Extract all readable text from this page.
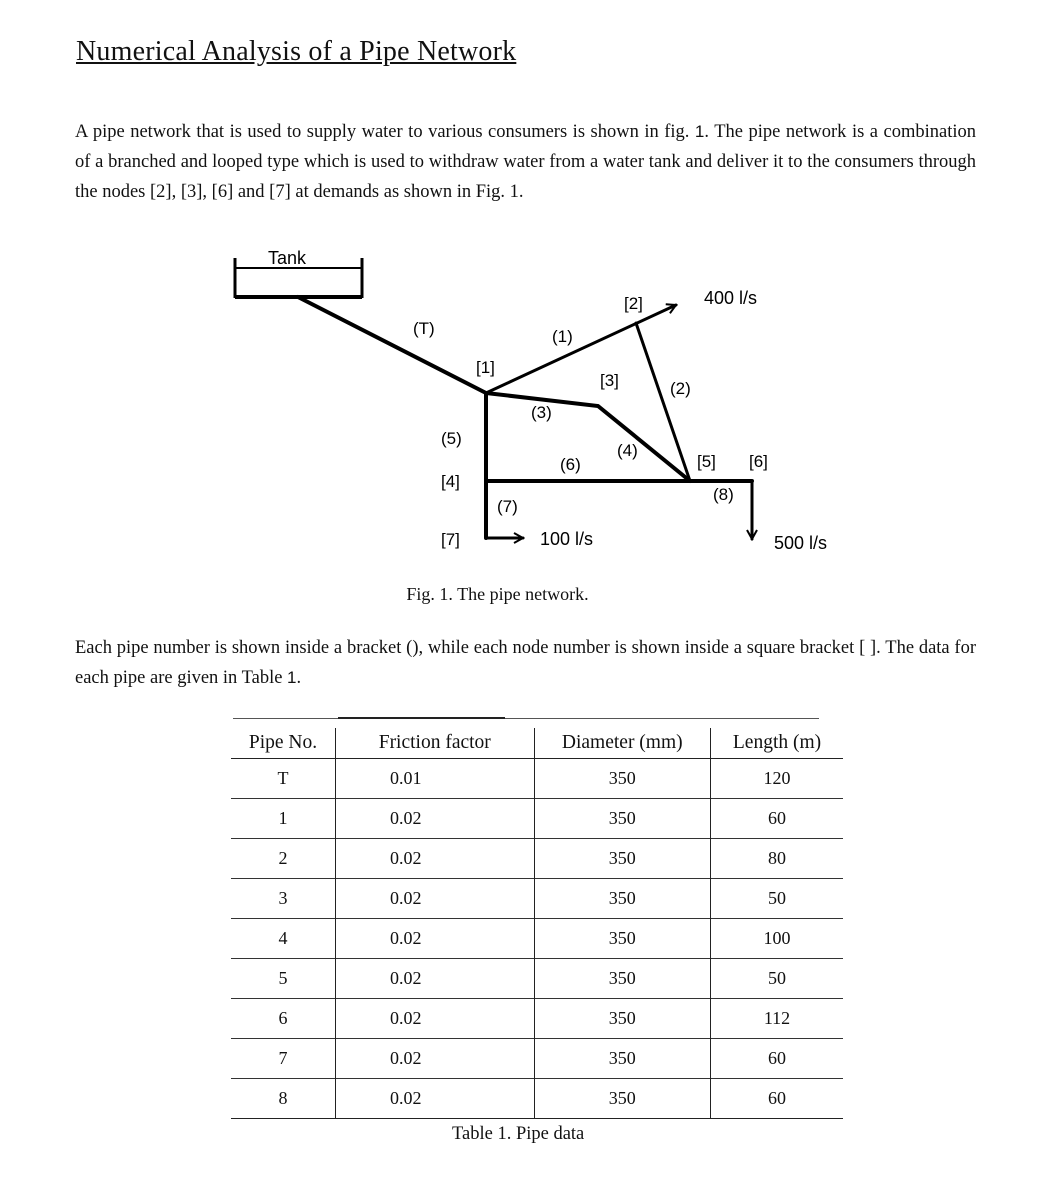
Numerical Analysis of a Pipe Network

A pipe network that is used to supply water to various consumers is shown in fig. 1. The pipe network is a combination of a branched and looped type which is used to withdraw water from a water tank and deliver it to the consumers through the nodes [2], [3], [6] and [7] at demands as shown in Fig. 1.

Tank
(T)	(1)
(2)
(3)
(4)
(5)
(6)
(7)
(8)
[1]
[2]
[3]
[4]
[5] [6]
[7]
400 l/s
100 l/s	500 l/s
Fig. 1. The pipe network.

Each pipe number is shown inside a bracket (), while each node number is shown inside a square bracket [ ]. The data for each pipe are given in Table 1.

Pipe No.	Friction factor	Diameter (mm)	Length (m)
T	0.01	350	120
1	0.02	350	60
2	0.02	350	80
3	0.02	350	50
4	0.02	350	100
5	0.02	350	50
6	0.02	350	112
7	0.02	350	60
8	0.02	350	60
Table 1. Pipe data
